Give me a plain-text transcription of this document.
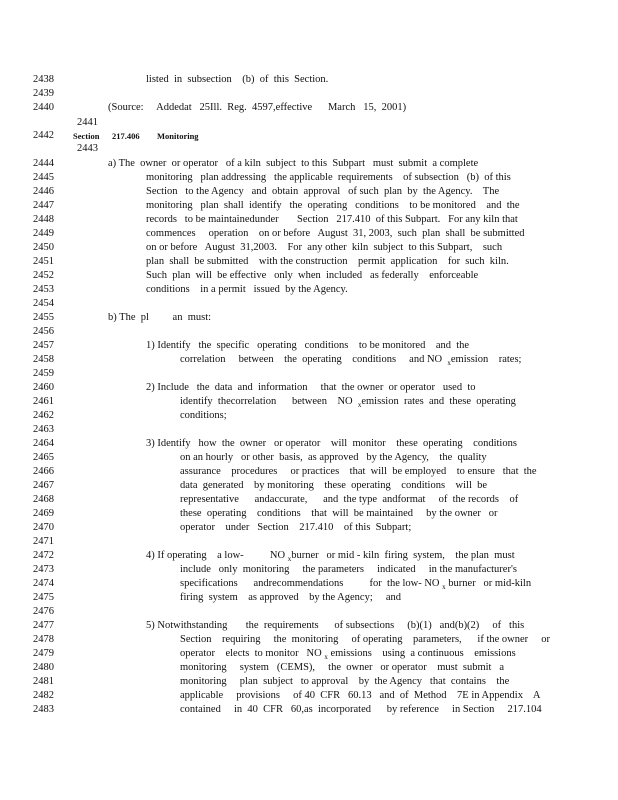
2438
2439
2440
2441
2442
2443
2444
2445
2446
2447
2448
2449
2450
2451
2452
2453
2454
2455
2456
2457
2458
2459
2460
2461
2462
2463
2464
2465
2466
2467
2468
2469
2470
2471
2472
2473
2474
2475
2476
2477
2478
2479
2480
2481
2482
2483
listed  in  subsection    (b)  of  this  Section.
(Source:     Addedat   25Ill.  Reg.  4597,effective      March   15,  2001)
Section 217.406 Monitoring
a) The  owner  or operator   of a kiln  subject  to this  Subpart   must  submit  a complete
monitoring   plan addressing   the applicable  requirements    of subsection   (b)  of this
Section   to the Agency   and  obtain  approval   of such  plan  by  the Agency.    The
monitoring   plan  shall  identify   the  operating   conditions    to be monitored    and  the
records   to be maintainedunder       Section   217.410  of this Subpart.   For any kiln that
commences     operation    on or before   August  31, 2003,  such  plan  shall  be submitted
on or before   August  31,2003.    For  any other  kiln  subject  to this Subpart,    such
plan  shall  be submitted    with the construction    permit  application    for  such  kiln.
Such  plan  will  be effective   only  when  included   as federally    enforceable
conditions    in a permit   issued  by the Agency.
b) The  pl         an  must:
1) Identify   the  specific   operating   conditions    to be monitored    and  the
correlation     between    the  operating    conditions     and NO  $_x$emission    rates;
2) Include   the  data  and  information     that  the owner  or operator   used  to
identify  thecorrelation      between    NO  $_x$emission  rates  and  these  operating
conditions;
3) Identify   how  the  owner   or operator    will  monitor    these  operating    conditions
on an hourly   or other  basis,  as approved   by the Agency,    the  quality
assurance    procedures     or practices    that  will  be employed    to ensure   that  the
data  generated    by monitoring    these  operating    conditions    will  be
representative      andaccurate,      and  the type  andformat     of  the records    of
these  operating    conditions    that  will  be maintained     by the owner   or
operator    under   Section    217.410    of this  Subpart;
4) If operating    a low-          NO $_x$burner   or mid - kiln  firing  system,    the plan  must
include   only  monitoring     the parameters     indicated     in the manufacturer's
specifications      andrecommendations          for  the low- NO $_x$ burner   or mid-kiln
firing  system    as approved    by the Agency;     and
5) Notwithstanding       the  requirements      of subsections     (b)(1)   and(b)(2)     of   this
Section    requiring     the  monitoring     of operating    parameters,      if the owner     or
operator    elects  to monitor   NO $_x$ emissions    using  a continuous    emissions
monitoring     system   (CEMS),     the  owner   or operator    must  submit   a
monitoring     plan  subject   to approval    by  the Agency   that  contains    the
applicable     provisions     of 40  CFR   60.13   and  of  Method    7E in Appendix    A
contained     in  40  CFR   60,as  incorporated      by reference     in Section     217.104
